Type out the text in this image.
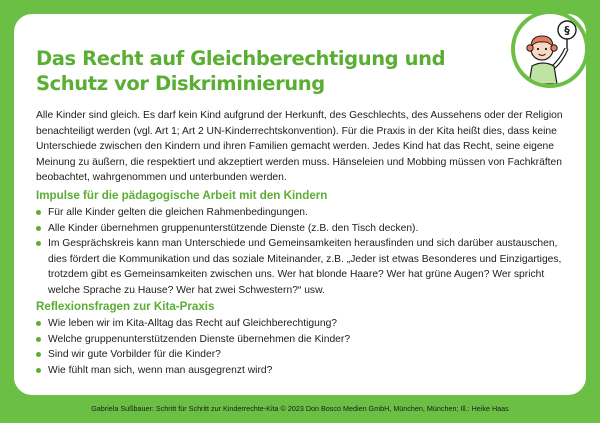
Das Recht auf Gleichberechtigung und
Schutz vor Diskriminierung

Alle Kinder sind gleich. Es darf kein Kind aufgrund der Herkunft, des Geschlechts, des Aussehens oder der Religion benachteiligt werden (vgl. Art 1; Art 2 UN-Kinderrechtskonvention). Für die Praxis in der Kita heißt dies, dass keine Unterschiede zwischen den Kindern und ihren Familien gemacht werden. Jedes Kind hat das Recht, seine eigene Meinung zu äußern, die respektiert und akzeptiert werden muss. Hänseleien und Mobbing müssen von Fachkräften beobachtet, wahrgenommen und unterbunden werden.

Impulse für die pädagogische Arbeit mit den Kindern
Für alle Kinder gelten die gleichen Rahmenbedingungen.
Alle Kinder übernehmen gruppenunterstützende Dienste (z.B. den Tisch decken).
Im Gesprächskreis kann man Unterschiede und Gemeinsamkeiten herausfinden und sich darüber austauschen, dies fördert die Kommunikation und das soziale Miteinander, z.B. „Jeder ist etwas Besonderes und Einzigartiges, trotzdem gibt es Gemeinsamkeiten zwischen uns. Wer hat blonde Haare? Wer hat grüne Augen? Wer spricht welche Sprache zu Hause? Wer hat zwei Schwestern?“ usw.
Reflexionsfragen zur Kita-Praxis
Wie leben wir im Kita-Alltag das Recht auf Gleichberechtigung?
Welche gruppenunterstützenden Dienste übernehmen die Kinder?
Sind wir gute Vorbilder für die Kinder?
Wie fühlt man sich, wenn man ausgegrenzt wird?
§

Gabriela Sußbauer: Schritt für Schritt zur Kinderrechte-Kita © 2023 Don Bosco Medien GmbH, München, München; Ill.: Heike Haas
